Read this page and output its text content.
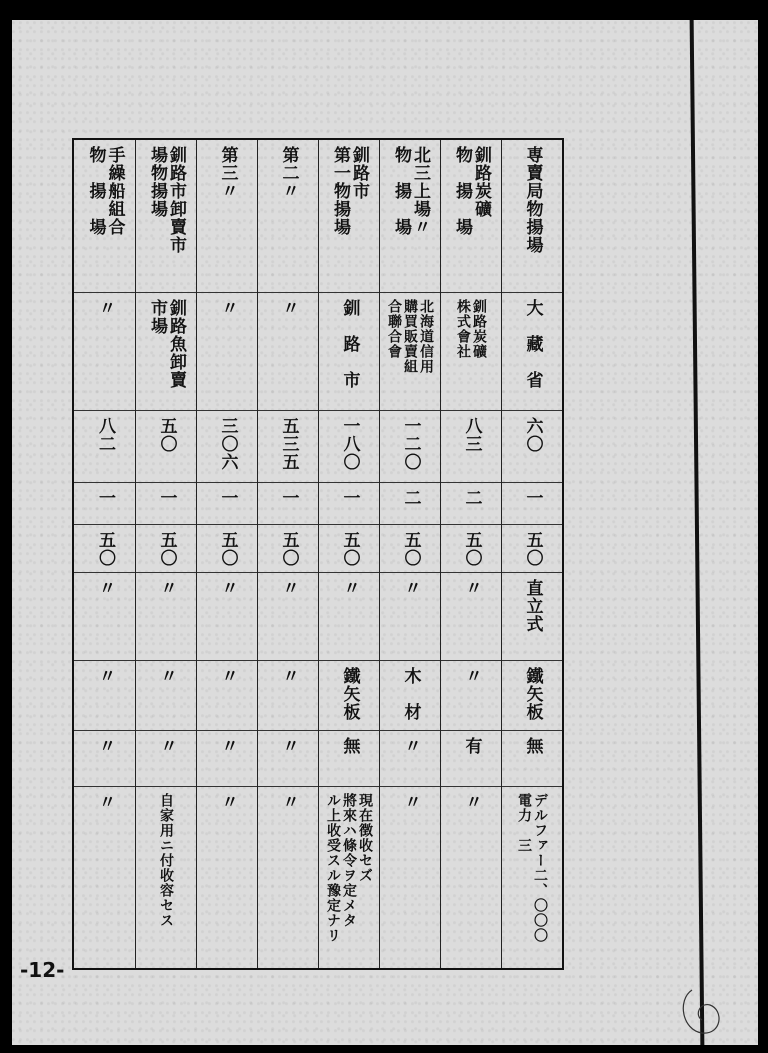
専賣局物揚場
大　藏　省
六〇
一
五〇
直立式
鐵矢板
無
デルファー二、〇〇〇
電力　三
釧路炭礦
物　揚　場
釧路炭礦
株式會社
八三
二
五〇
〃
〃
有
〃
北三上場〃
物　揚　場
北海道信用
購買販賣組
合聯合會
一二〇
二
五〇
〃
木　材
〃
〃
釧路市
第一物揚場
釧　路　市
一八〇
一
五〇
〃
鐵矢板
無
現在徴收セズ
將來ハ條令ヲ定メタ
ル上收受スル豫定ナリ
第二〃
〃
五三五
一
五〇
〃
〃
〃
〃
第三〃
〃
三〇六
一
五〇
〃
〃
〃
〃
釧路市卸賣市
場物揚場
釧路魚卸賣
市場
五〇
一
五〇
〃
〃
〃
自家用ニ付收容セス
手繰船組合
物　揚　場
〃
八二
一
五〇
〃
〃
〃
〃
-12-
